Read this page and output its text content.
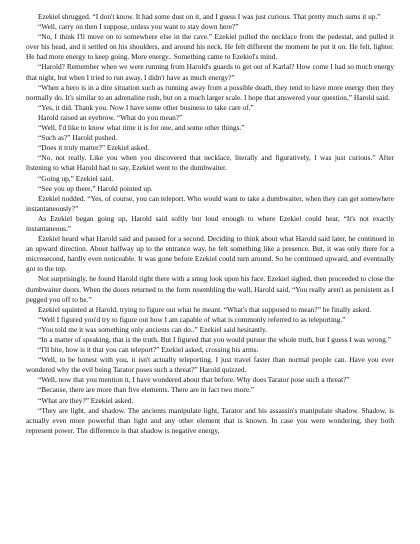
Ezekiel shrugged. “I don't know. It had some dust on it, and I guess I was just curious. That pretty much sums it up.”

“Well, carry on then I suppose, unless you want to stay down here?”

“No, I think I'll move on to somewhere else in the cave.” Ezekiel pulled the necklace from the pedestal, and pulled it over his head, and it settled on his shoulders, and around his neck. He felt different the moment he put it on. He felt, lighter. He had more energy to keep going. More energy.. Something came to Ezekiel's mind.

“Harold? Remember when we were running from Harold's guards to get out of Karlal? How come I had so much energy that night, but when I tried to run away, I didn't have as much energy?”

“When a hero is in a dire situation such as running away from a possible death, they tend to have more energy then they normally do. It's similar to an adrenaline rush, but on a much larger scale. I hope that answered your question,” Harold said.

“Yes, it did. Thank you. Now I have some other business to take care of.”

Harold raised an eyebrow. “What do you mean?”

“Well, I'd like to know what time it is for one, and some other things.”

“Such as?” Harold pushed.

“Does it truly matter?” Ezekiel asked.

“No, not really. Like you when you discovered that necklace, literally and figuratively, I was just curious.” After listening to what Harold had to say, Ezekiel went to the dumbwaiter.

“Going up,” Ezekiel said.

“See you up there,” Harold pointed up.

Ezekiel nodded. “Yes, of course, you can teleport. Who would want to take a dumbwaiter, when they can get somewhere instantaneously?”

As Ezekiel began going up, Harold said softly but loud enough to where Ezekiel could hear, “It's not exactly instantaneous.”

Ezekiel heard what Harold said and paused for a second. Deciding to think about what Harold said later, he continued in an upward direction. About halfway up to the entrance way, he felt something like a presence. But, it was only there for a microsecond, hardly even noticeable. It was gone before Ezekiel could turn around. So he continued upward, and eventually got to the top.

Not surprisingly, he found Harold right there with a smug look upon his face. Ezekiel sighed, then proceeded to close the dumbwaiter doors. When the doors returned to the form resembling the wall, Harold said, “You really aren't as persistent as I pegged you off to be.”

Ezekiel squinted at Harold, trying to figure out what he meant. “What's that supposed to mean?” he finally asked.

“Well I figured you'd try to figure out how I am capable of what is commonly referred to as teleporting.”

“You told me it was something only ancients can do..” Ezekiel said hesitantly.

“In a matter of speaking, that is the truth. But I figured that you would pursue the whole truth, but I guess I was wrong.”

“I'll bite, how is it that you can teleport?” Ezekiel asked, crossing his arms.

“Well, to be honest with you, it isn't actually teleporting. I just travel faster than normal people can. Have you ever wondered why the evil being Tarator poses such a threat?” Harold quizzed.

“Well, now that you mention it, I have wondered about that before. Why does Tarator pose such a threat?”

“Because, there are more than five elements. There are in fact two more.”

“What are they?” Ezekiel asked.

“They are light, and shadow. The ancients manipulate light, Tarator and his assassin's manipulate shadow. Shadow, is actually even more powerful than light and any other element that is known. In case you were wondering, they both represent power. The difference is that shadow is negative energy,
